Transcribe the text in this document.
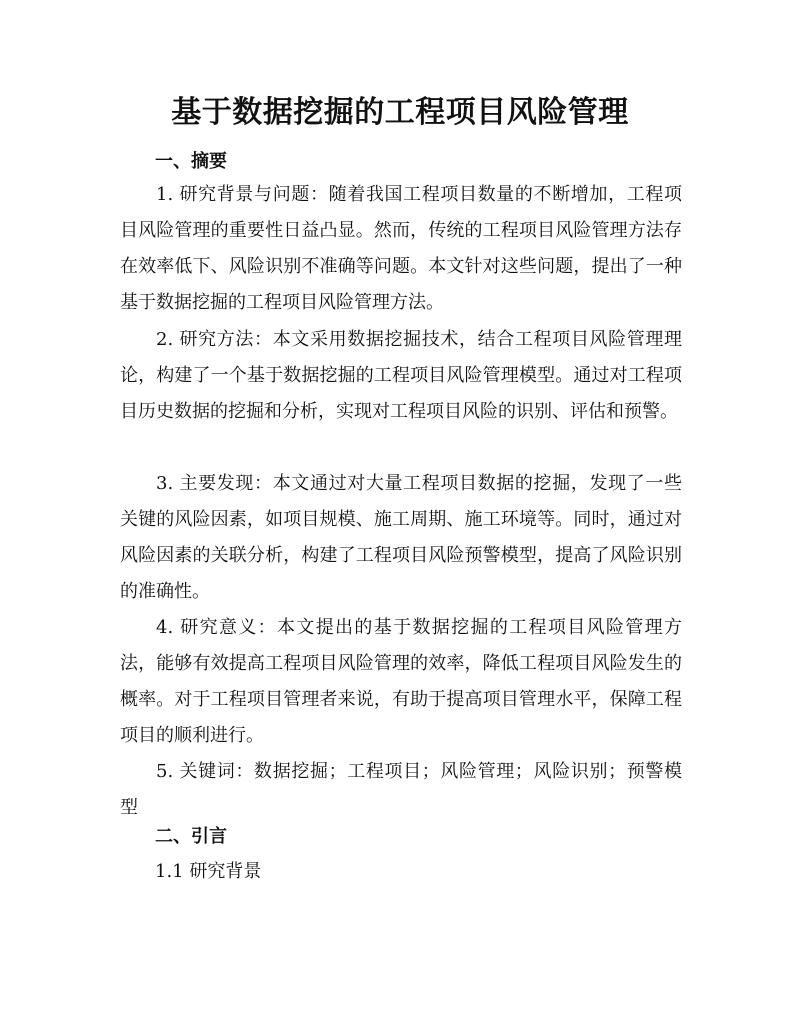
基于数据挖掘的工程项目风险管理
一、摘要

1. 研究背景与问题：随着我国工程项目数量的不断增加，工程项目风险管理的重要性日益凸显。然而，传统的工程项目风险管理方法存在效率低下、风险识别不准确等问题。本文针对这些问题，提出了一种基于数据挖掘的工程项目风险管理方法。

2. 研究方法：本文采用数据挖掘技术，结合工程项目风险管理理论，构建了一个基于数据挖掘的工程项目风险管理模型。通过对工程项目历史数据的挖掘和分析，实现对工程项目风险的识别、评估和预警。

3. 主要发现：本文通过对大量工程项目数据的挖掘，发现了一些关键的风险因素，如项目规模、施工周期、施工环境等。同时，通过对风险因素的关联分析，构建了工程项目风险预警模型，提高了风险识别的准确性。

4. 研究意义：本文提出的基于数据挖掘的工程项目风险管理方法，能够有效提高工程项目风险管理的效率，降低工程项目风险发生的概率。对于工程项目管理者来说，有助于提高项目管理水平，保障工程项目的顺利进行。

5. 关键词：数据挖掘；工程项目；风险管理；风险识别；预警模型

二、引言

1.1 研究背景
